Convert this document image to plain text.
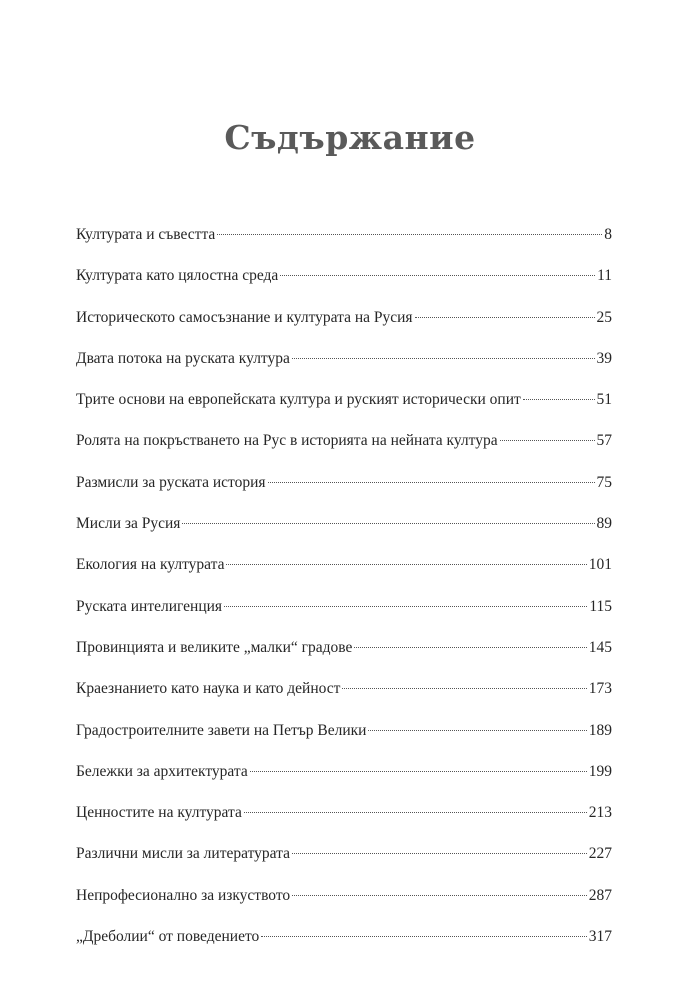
Съдържание
Културата и съвестта	8
Културата като цялостна среда	11
Историческото самосъзнание и културата на Русия	25
Двата потока на руската култура	39
Трите основи на европейската култура и руският исторически опит	51
Ролята на покръстването на Рус в историята на нейната култура	57
Размисли за руската история	75
Мисли за Русия	89
Екология на културата	101
Руската интелигенция	115
Провинцията и великите „малки“ градове	145
Краезнанието като наука и като дейност	173
Градостроителните завети на Петър Велики	189
Бележки за архитектурата	199
Ценностите на културата	213
Различни мисли за литературата	227
Непрофесионално за изкуството	287
„Дреболии“ от поведението	317
